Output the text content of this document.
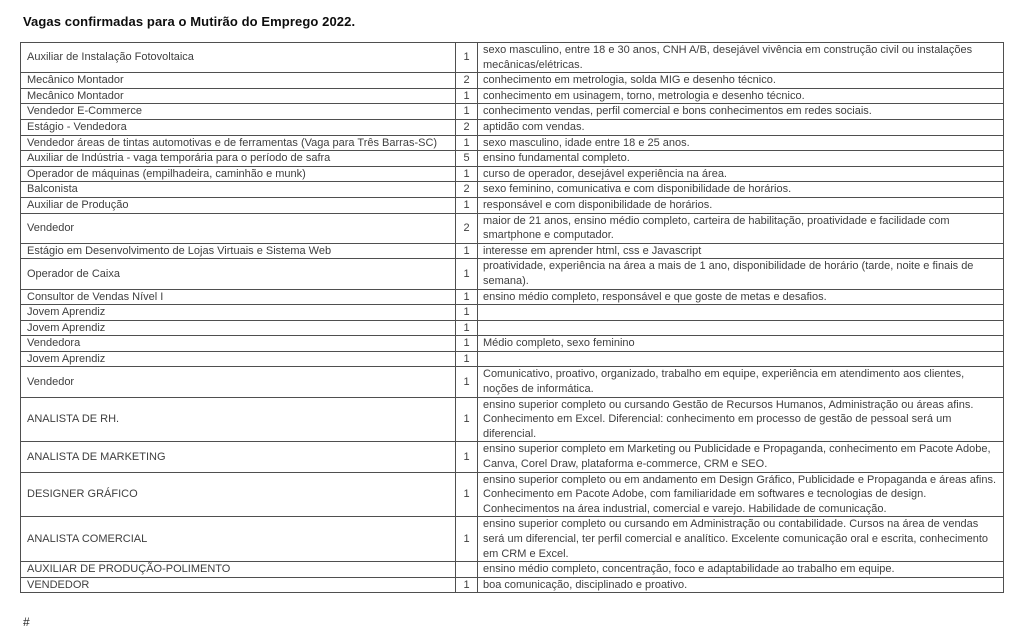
Vagas confirmadas para o Mutirão do Emprego 2022.
Auxiliar de Instalação Fotovoltaica	1	sexo masculino, entre 18 e 30 anos, CNH A/B, desejável vivência em construção civil ou instalações mecânicas/elétricas.
Mecânico Montador	2	conhecimento em metrologia, solda MIG e desenho técnico.
Mecânico Montador	1	conhecimento em usinagem, torno, metrologia e desenho técnico.
Vendedor E-Commerce	1	conhecimento vendas, perfil comercial e bons conhecimentos em redes sociais.
Estágio - Vendedora	2	aptidão com vendas.
Vendedor áreas de tintas automotivas e de ferramentas (Vaga para Três Barras-SC)	1	sexo masculino, idade entre 18 e 25 anos.
Auxiliar de Indústria - vaga temporária para o período de safra	5	ensino fundamental completo.
Operador de máquinas (empilhadeira, caminhão e munk)	1	curso de operador, desejável experiência na área.
Balconista	2	sexo feminino, comunicativa e com disponibilidade de horários.
Auxiliar de Produção	1	responsável e com disponibilidade de horários.
Vendedor	2	maior de 21 anos, ensino médio completo, carteira de habilitação, proatividade e facilidade com smartphone e computador.
Estágio em Desenvolvimento de Lojas Virtuais e Sistema Web	1	interesse em aprender html, css e Javascript
Operador de Caixa	1	proatividade, experiência na área a mais de 1 ano, disponibilidade de horário (tarde, noite e finais de semana).
Consultor de Vendas Nível I	1	ensino médio completo, responsável e que goste de metas e desafios.
Jovem Aprendiz	1	
Jovem Aprendiz	1	
Vendedora	1	Médio completo, sexo feminino
Jovem Aprendiz	1	
Vendedor	1	Comunicativo, proativo, organizado, trabalho em equipe, experiência em atendimento aos clientes, noções de informática.
ANALISTA DE RH.	1	ensino superior completo ou cursando Gestão de Recursos Humanos, Administração ou áreas afins. Conhecimento em Excel. Diferencial: conhecimento em processo de gestão de pessoal será um diferencial.
ANALISTA DE MARKETING	1	ensino superior completo em Marketing ou Publicidade e Propaganda, conhecimento em Pacote Adobe, Canva, Corel Draw, plataforma e-commerce, CRM e SEO.
DESIGNER GRÁFICO	1	ensino superior completo ou em andamento em Design Gráfico, Publicidade e Propaganda e áreas afins. Conhecimento em Pacote Adobe, com familiaridade em softwares e tecnologias de design. Conhecimentos na área industrial, comercial e varejo. Habilidade de comunicação.
ANALISTA COMERCIAL	1	ensino superior completo ou cursando em Administração ou contabilidade. Cursos na área de vendas será um diferencial, ter perfil comercial e analítico. Excelente comunicação oral e escrita, conhecimento em CRM e Excel.
AUXILIAR DE PRODUÇÃO-POLIMENTO		ensino médio completo, concentração, foco e adaptabilidade ao trabalho em equipe.
VENDEDOR	1	boa comunicação, disciplinado e proativo.
#
